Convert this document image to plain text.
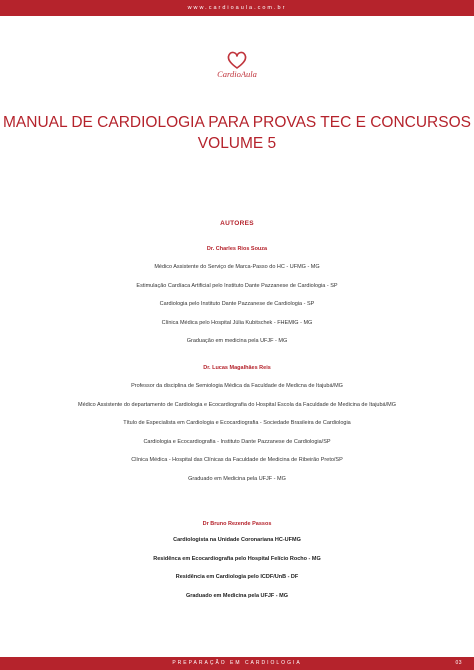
www.cardioaula.com.br
CardioAula
MANUAL DE CARDIOLOGIA PARA PROVAS TEC E CONCURSOS
VOLUME 5
AUTORES
Dr. Charles Rios Souza
Médico Assistente do Serviço de Marca-Passo do HC - UFMG - MG
Estimulação Cardíaca Artificial pelo Instituto Dante Pazzanese de Cardiologia - SP
Cardiologia pelo Instituto Dante Pazzanese de Cardiologia - SP
Clínica Médica pelo Hospital Júlia Kubitschek - FHEMIG - MG
Graduação em medicina pela UFJF - MG
Dr. Lucas Magalhães Reis
Professor da disciplina de Semiologia Médica da Faculdade de Medicna de Itajubá/MG
Médico Assistente do departamento de Cardiologia e Ecocardiografia do Hospital Escola da Faculdade de Medicina de Itajubá/MG
Título de Especialista em Cardiologia e Ecocardiografia - Sociedade Brasileira de Cardiologia
Cardiologia e Ecocardiografia - Instituto Dante Pazzanese de Cardiologia/SP
Clínica Médica - Hospital das Clínicas da Faculdade de Medicina de Ribeirão Preto/SP
Graduado em Medicina pela UFJF - MG
Dr Bruno Rezende Passos
Cardiologista na Unidade Coronariana HC-UFMG
Residênca em Ecocardiografia pelo Hospital Felício Rocho - MG
Residência em Cardiologia pelo ICDF/UnB - DF
Graduado em Medicina pela UFJF - MG
PREPARAÇÃO EM CARDIOLOGIA	03
